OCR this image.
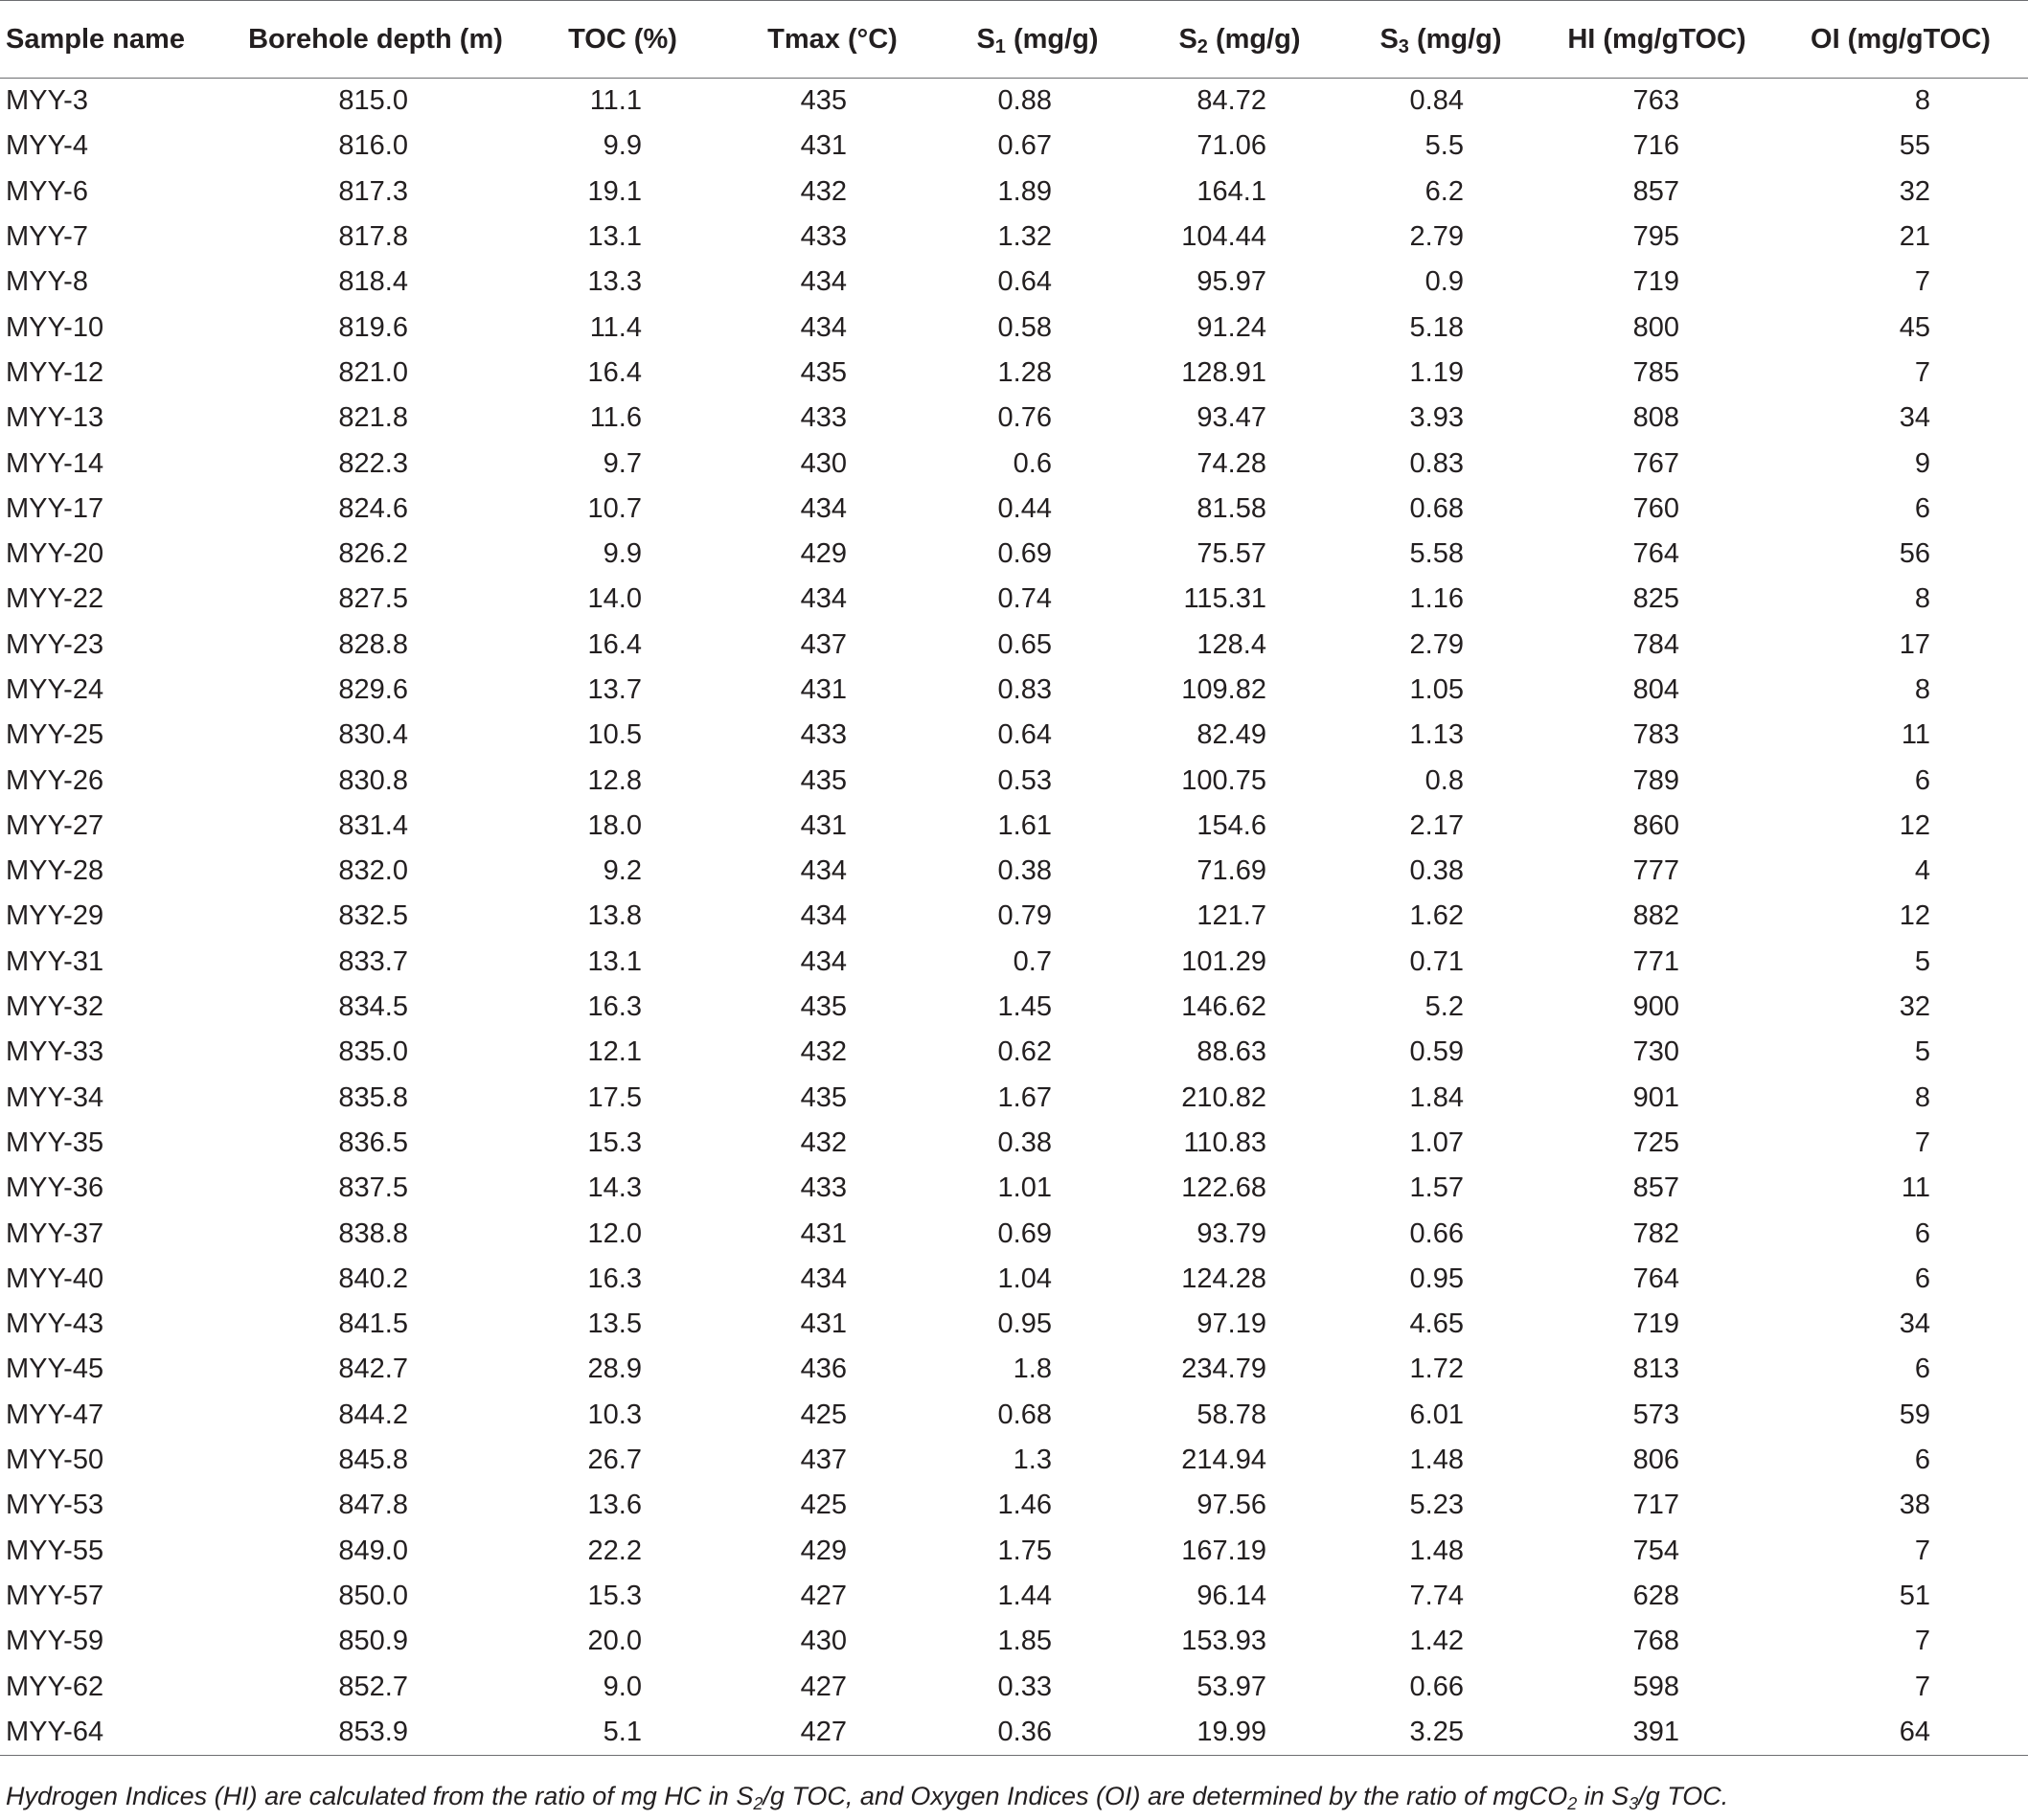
Sample name	Borehole depth (m)	TOC (%)	Tmax (°C)	$S_1$ (mg/g)	$S_2$ (mg/g)	$S_3$ (mg/g)	HI (mg/gTOC)	OI (mg/gTOC)
MYY-3	815.0	11.1	435	0.88	84.72	0.84	763	8
MYY-4	816.0	9.9	431	0.67	71.06	5.5	716	55
MYY-6	817.3	19.1	432	1.89	164.1	6.2	857	32
MYY-7	817.8	13.1	433	1.32	104.44	2.79	795	21
MYY-8	818.4	13.3	434	0.64	95.97	0.9	719	7
MYY-10	819.6	11.4	434	0.58	91.24	5.18	800	45
MYY-12	821.0	16.4	435	1.28	128.91	1.19	785	7
MYY-13	821.8	11.6	433	0.76	93.47	3.93	808	34
MYY-14	822.3	9.7	430	0.6	74.28	0.83	767	9
MYY-17	824.6	10.7	434	0.44	81.58	0.68	760	6
MYY-20	826.2	9.9	429	0.69	75.57	5.58	764	56
MYY-22	827.5	14.0	434	0.74	115.31	1.16	825	8
MYY-23	828.8	16.4	437	0.65	128.4	2.79	784	17
MYY-24	829.6	13.7	431	0.83	109.82	1.05	804	8
MYY-25	830.4	10.5	433	0.64	82.49	1.13	783	11
MYY-26	830.8	12.8	435	0.53	100.75	0.8	789	6
MYY-27	831.4	18.0	431	1.61	154.6	2.17	860	12
MYY-28	832.0	9.2	434	0.38	71.69	0.38	777	4
MYY-29	832.5	13.8	434	0.79	121.7	1.62	882	12
MYY-31	833.7	13.1	434	0.7	101.29	0.71	771	5
MYY-32	834.5	16.3	435	1.45	146.62	5.2	900	32
MYY-33	835.0	12.1	432	0.62	88.63	0.59	730	5
MYY-34	835.8	17.5	435	1.67	210.82	1.84	901	8
MYY-35	836.5	15.3	432	0.38	110.83	1.07	725	7
MYY-36	837.5	14.3	433	1.01	122.68	1.57	857	11
MYY-37	838.8	12.0	431	0.69	93.79	0.66	782	6
MYY-40	840.2	16.3	434	1.04	124.28	0.95	764	6
MYY-43	841.5	13.5	431	0.95	97.19	4.65	719	34
MYY-45	842.7	28.9	436	1.8	234.79	1.72	813	6
MYY-47	844.2	10.3	425	0.68	58.78	6.01	573	59
MYY-50	845.8	26.7	437	1.3	214.94	1.48	806	6
MYY-53	847.8	13.6	425	1.46	97.56	5.23	717	38
MYY-55	849.0	22.2	429	1.75	167.19	1.48	754	7
MYY-57	850.0	15.3	427	1.44	96.14	7.74	628	51
MYY-59	850.9	20.0	430	1.85	153.93	1.42	768	7
MYY-62	852.7	9.0	427	0.33	53.97	0.66	598	7
MYY-64	853.9	5.1	427	0.36	19.99	3.25	391	64
Hydrogen Indices (HI) are calculated from the ratio of mg HC in $S_2/g$ TOC, and Oxygen Indices (OI) are determined by the ratio of mgCO$_2$ in $S_3/g$ TOC.
